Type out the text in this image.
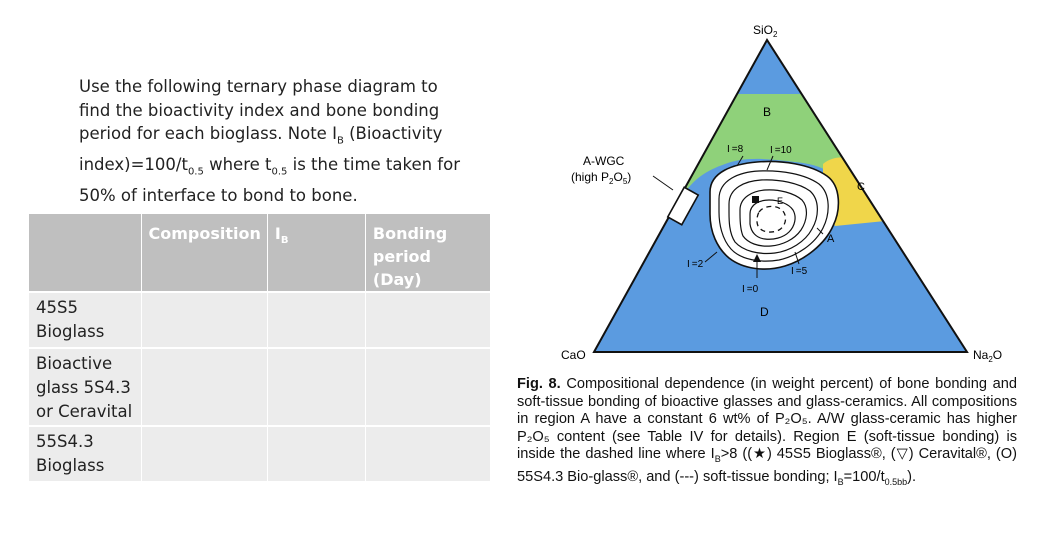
Use the following ternary phase diagram to

find the bioactivity index and bone bonding

period for each bioglass. Note $I_B$ (Bioactivity

$index)=100/t_{0.5}$ where $t_{0.5}$ is the time taken for

50% of interface to bond to bone.

	Composition	$I_B$	Bonding period (Day)
45S5 Bioglass			
Bioactive glass 5S4.3 or Ceravital			
55S4.3 Bioglass			
SiO$_2$
CaO	$Na_2O$
B
C
A
D
E
A-WGC
(high $P_2O_5$)
I =8	I =10
I =2
I =5
I =0
Fig. 8. Compositional dependence (in weight percent) of bone bonding and soft-tissue bonding of bioactive glasses and glass-ceramics. All compositions in region A have a constant 6 wt% of P₂O₅. A/W glass-ceramic has higher P₂O₅ content (see Table IV for details). Region E (soft-tissue bonding) is inside the dashed line where $I_B>8$ ((★) 45S5 Bioglass®, (▽) Ceravital®, (O) 55S4.3 Bio-glass®, and (---) soft-tissue bonding; $I_B=100/t_{0.5bb}$).
